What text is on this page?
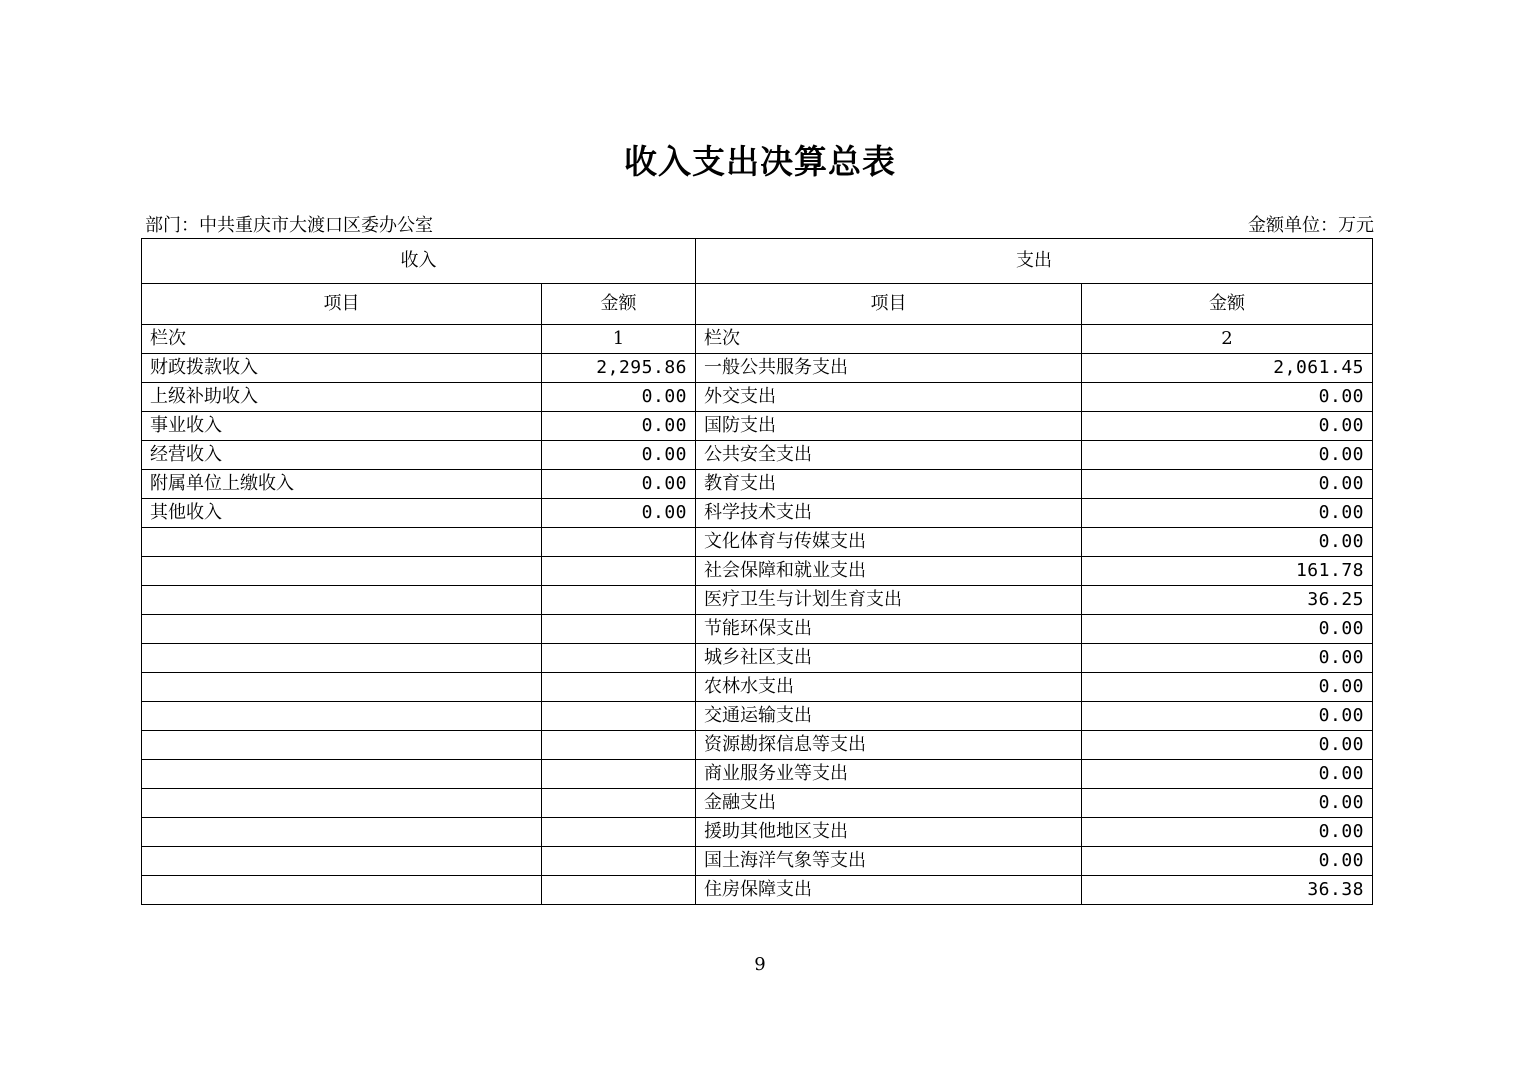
收入支出决算总表
部门：中共重庆市大渡口区委办公室	金额单位：万元
收入		支出	
项目	金额	项目	金额
栏次	1	栏次	2
财政拨款收入	2,295.86	一般公共服务支出	2,061.45
上级补助收入	0.00	外交支出	0.00
事业收入	0.00	国防支出	0.00
经营收入	0.00	公共安全支出	0.00
附属单位上缴收入	0.00	教育支出	0.00
其他收入	0.00	科学技术支出	0.00
		文化体育与传媒支出	0.00
		社会保障和就业支出	161.78
		医疗卫生与计划生育支出	36.25
		节能环保支出	0.00
		城乡社区支出	0.00
		农林水支出	0.00
		交通运输支出	0.00
		资源勘探信息等支出	0.00
		商业服务业等支出	0.00
		金融支出	0.00
		援助其他地区支出	0.00
		国土海洋气象等支出	0.00
		住房保障支出	36.38
9
